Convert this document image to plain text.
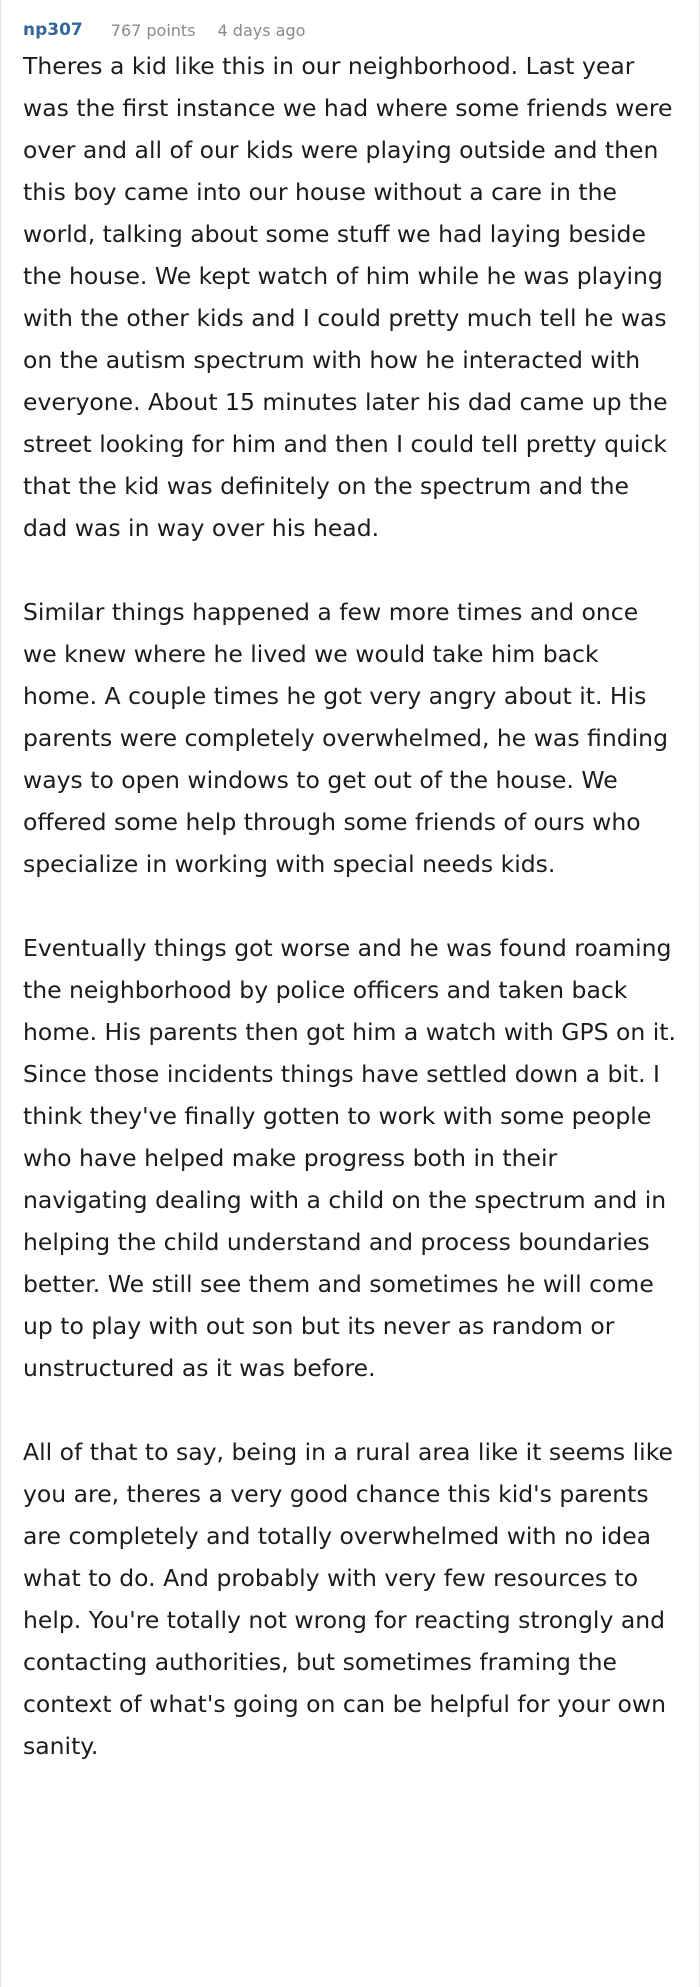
np307 767 points 4 days ago

Theres a kid like this in our neighborhood. Last year was the first instance we had where some friends were over and all of our kids were playing outside and then this boy came into our house without a care in the world, talking about some stuff we had laying beside the house. We kept watch of him while he was playing with the other kids and I could pretty much tell he was on the autism spectrum with how he interacted with everyone. About 15 minutes later his dad came up the street looking for him and then I could tell pretty quick that the kid was definitely on the spectrum and the dad was in way over his head.

Similar things happened a few more times and once we knew where he lived we would take him back home. A couple times he got very angry about it. His parents were completely overwhelmed, he was finding ways to open windows to get out of the house. We offered some help through some friends of ours who specialize in working with special needs kids.

Eventually things got worse and he was found roaming the neighborhood by police officers and taken back home. His parents then got him a watch with GPS on it. Since those incidents things have settled down a bit. I think they've finally gotten to work with some people who have helped make progress both in their navigating dealing with a child on the spectrum and in helping the child understand and process boundaries better. We still see them and sometimes he will come up to play with out son but its never as random or unstructured as it was before.

All of that to say, being in a rural area like it seems like you are, theres a very good chance this kid's parents are completely and totally overwhelmed with no idea what to do. And probably with very few resources to help. You're totally not wrong for reacting strongly and contacting authorities, but sometimes framing the context of what's going on can be helpful for your own sanity.
